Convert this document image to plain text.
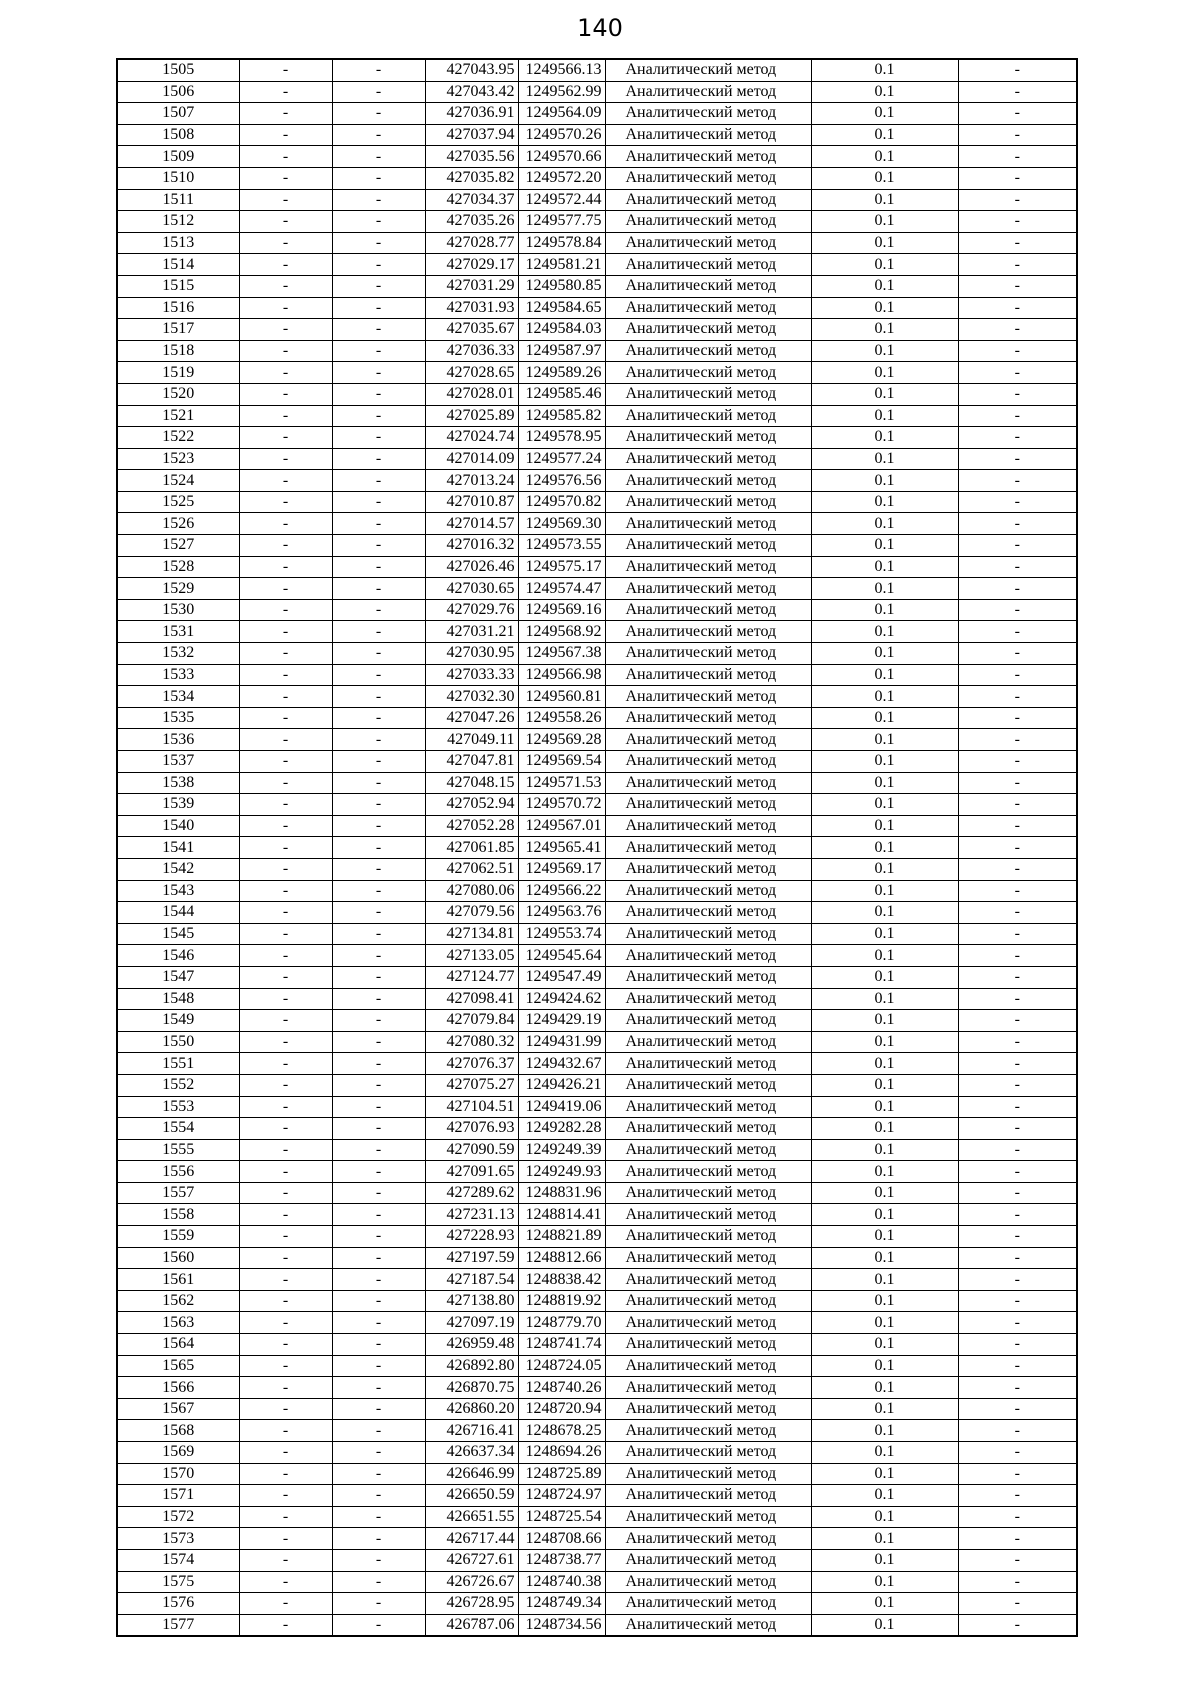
140
1505	-	-	427043.95	1249566.13	Аналитический метод	0.1	-
1506	-	-	427043.42	1249562.99	Аналитический метод	0.1	-
1507	-	-	427036.91	1249564.09	Аналитический метод	0.1	-
1508	-	-	427037.94	1249570.26	Аналитический метод	0.1	-
1509	-	-	427035.56	1249570.66	Аналитический метод	0.1	-
1510	-	-	427035.82	1249572.20	Аналитический метод	0.1	-
1511	-	-	427034.37	1249572.44	Аналитический метод	0.1	-
1512	-	-	427035.26	1249577.75	Аналитический метод	0.1	-
1513	-	-	427028.77	1249578.84	Аналитический метод	0.1	-
1514	-	-	427029.17	1249581.21	Аналитический метод	0.1	-
1515	-	-	427031.29	1249580.85	Аналитический метод	0.1	-
1516	-	-	427031.93	1249584.65	Аналитический метод	0.1	-
1517	-	-	427035.67	1249584.03	Аналитический метод	0.1	-
1518	-	-	427036.33	1249587.97	Аналитический метод	0.1	-
1519	-	-	427028.65	1249589.26	Аналитический метод	0.1	-
1520	-	-	427028.01	1249585.46	Аналитический метод	0.1	-
1521	-	-	427025.89	1249585.82	Аналитический метод	0.1	-
1522	-	-	427024.74	1249578.95	Аналитический метод	0.1	-
1523	-	-	427014.09	1249577.24	Аналитический метод	0.1	-
1524	-	-	427013.24	1249576.56	Аналитический метод	0.1	-
1525	-	-	427010.87	1249570.82	Аналитический метод	0.1	-
1526	-	-	427014.57	1249569.30	Аналитический метод	0.1	-
1527	-	-	427016.32	1249573.55	Аналитический метод	0.1	-
1528	-	-	427026.46	1249575.17	Аналитический метод	0.1	-
1529	-	-	427030.65	1249574.47	Аналитический метод	0.1	-
1530	-	-	427029.76	1249569.16	Аналитический метод	0.1	-
1531	-	-	427031.21	1249568.92	Аналитический метод	0.1	-
1532	-	-	427030.95	1249567.38	Аналитический метод	0.1	-
1533	-	-	427033.33	1249566.98	Аналитический метод	0.1	-
1534	-	-	427032.30	1249560.81	Аналитический метод	0.1	-
1535	-	-	427047.26	1249558.26	Аналитический метод	0.1	-
1536	-	-	427049.11	1249569.28	Аналитический метод	0.1	-
1537	-	-	427047.81	1249569.54	Аналитический метод	0.1	-
1538	-	-	427048.15	1249571.53	Аналитический метод	0.1	-
1539	-	-	427052.94	1249570.72	Аналитический метод	0.1	-
1540	-	-	427052.28	1249567.01	Аналитический метод	0.1	-
1541	-	-	427061.85	1249565.41	Аналитический метод	0.1	-
1542	-	-	427062.51	1249569.17	Аналитический метод	0.1	-
1543	-	-	427080.06	1249566.22	Аналитический метод	0.1	-
1544	-	-	427079.56	1249563.76	Аналитический метод	0.1	-
1545	-	-	427134.81	1249553.74	Аналитический метод	0.1	-
1546	-	-	427133.05	1249545.64	Аналитический метод	0.1	-
1547	-	-	427124.77	1249547.49	Аналитический метод	0.1	-
1548	-	-	427098.41	1249424.62	Аналитический метод	0.1	-
1549	-	-	427079.84	1249429.19	Аналитический метод	0.1	-
1550	-	-	427080.32	1249431.99	Аналитический метод	0.1	-
1551	-	-	427076.37	1249432.67	Аналитический метод	0.1	-
1552	-	-	427075.27	1249426.21	Аналитический метод	0.1	-
1553	-	-	427104.51	1249419.06	Аналитический метод	0.1	-
1554	-	-	427076.93	1249282.28	Аналитический метод	0.1	-
1555	-	-	427090.59	1249249.39	Аналитический метод	0.1	-
1556	-	-	427091.65	1249249.93	Аналитический метод	0.1	-
1557	-	-	427289.62	1248831.96	Аналитический метод	0.1	-
1558	-	-	427231.13	1248814.41	Аналитический метод	0.1	-
1559	-	-	427228.93	1248821.89	Аналитический метод	0.1	-
1560	-	-	427197.59	1248812.66	Аналитический метод	0.1	-
1561	-	-	427187.54	1248838.42	Аналитический метод	0.1	-
1562	-	-	427138.80	1248819.92	Аналитический метод	0.1	-
1563	-	-	427097.19	1248779.70	Аналитический метод	0.1	-
1564	-	-	426959.48	1248741.74	Аналитический метод	0.1	-
1565	-	-	426892.80	1248724.05	Аналитический метод	0.1	-
1566	-	-	426870.75	1248740.26	Аналитический метод	0.1	-
1567	-	-	426860.20	1248720.94	Аналитический метод	0.1	-
1568	-	-	426716.41	1248678.25	Аналитический метод	0.1	-
1569	-	-	426637.34	1248694.26	Аналитический метод	0.1	-
1570	-	-	426646.99	1248725.89	Аналитический метод	0.1	-
1571	-	-	426650.59	1248724.97	Аналитический метод	0.1	-
1572	-	-	426651.55	1248725.54	Аналитический метод	0.1	-
1573	-	-	426717.44	1248708.66	Аналитический метод	0.1	-
1574	-	-	426727.61	1248738.77	Аналитический метод	0.1	-
1575	-	-	426726.67	1248740.38	Аналитический метод	0.1	-
1576	-	-	426728.95	1248749.34	Аналитический метод	0.1	-
1577	-	-	426787.06	1248734.56	Аналитический метод	0.1	-
